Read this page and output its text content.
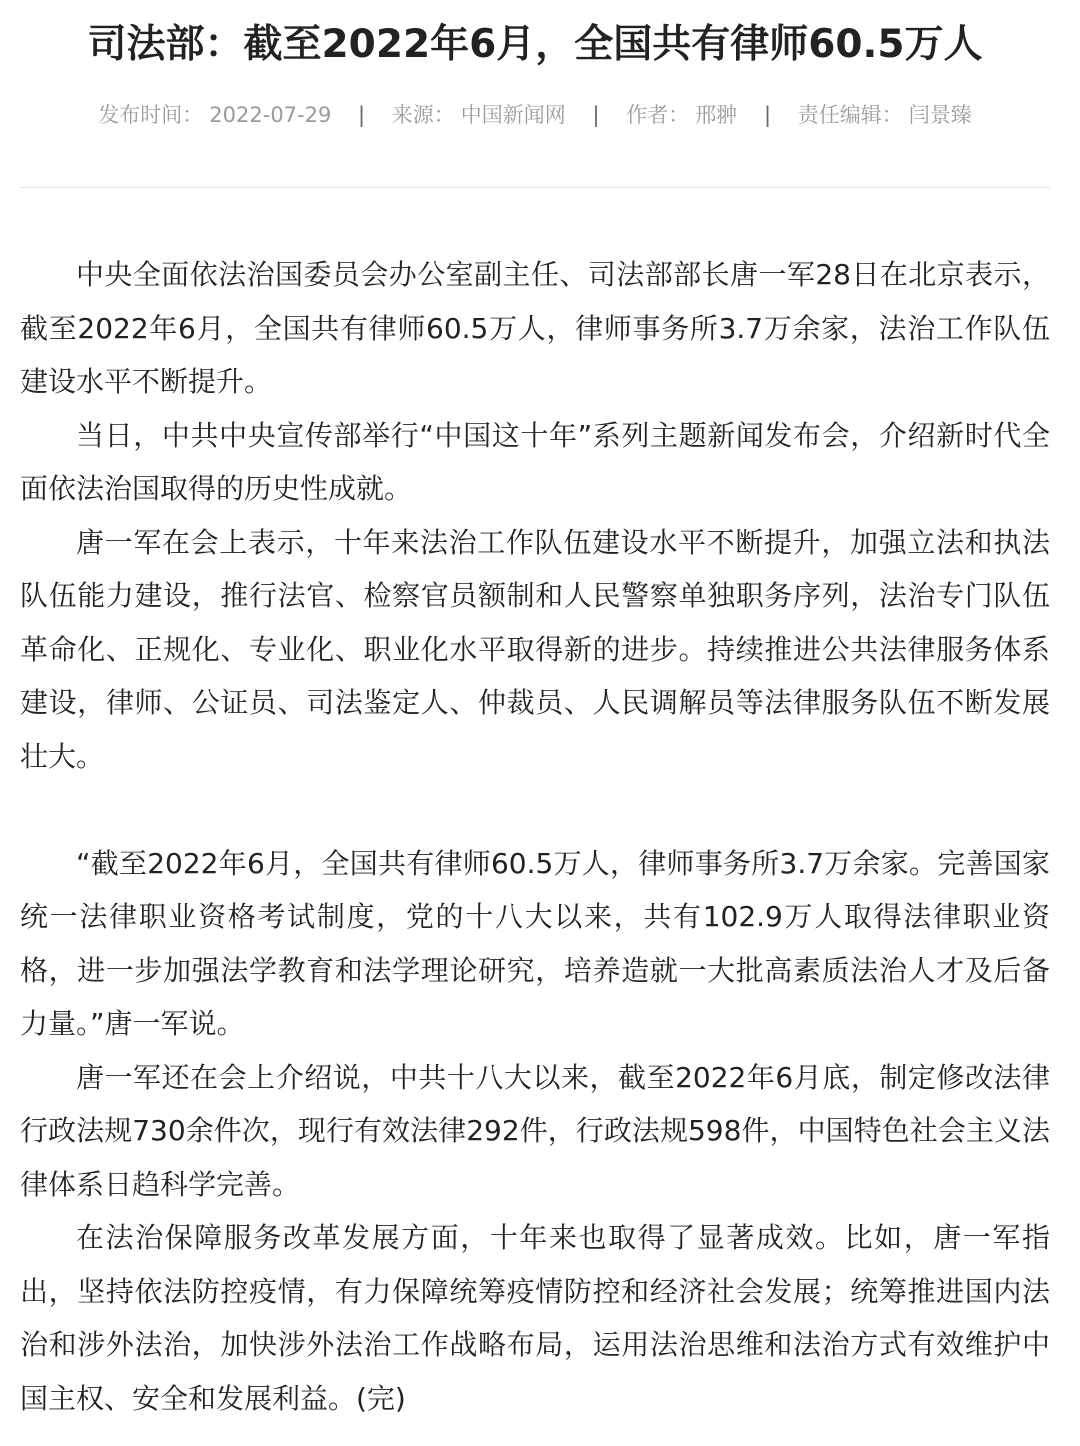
司法部：截至2022年6月，全国共有律师60.5万人
发布时间： 2022-07-29 | 来源： 中国新闻网 | 作者： 邢翀 | 责任编辑： 闫景臻

中央全面依法治国委员会办公室副主任、司法部部长唐一军28日在北京表示，截至2022年6月，全国共有律师60.5万人，律师事务所3.7万余家，法治工作队伍建设水平不断提升。

当日，中共中央宣传部举行“中国这十年”系列主题新闻发布会，介绍新时代全面依法治国取得的历史性成就。

唐一军在会上表示，十年来法治工作队伍建设水平不断提升，加强立法和执法队伍能力建设，推行法官、检察官员额制和人民警察单独职务序列，法治专门队伍革命化、正规化、专业化、职业化水平取得新的进步。持续推进公共法律服务体系建设，律师、公证员、司法鉴定人、仲裁员、人民调解员等法律服务队伍不断发展壮大。

“截至2022年6月，全国共有律师60.5万人，律师事务所3.7万余家。完善国家统一法律职业资格考试制度，党的十八大以来，共有102.9万人取得法律职业资格，进一步加强法学教育和法学理论研究，培养造就一大批高素质法治人才及后备力量。”唐一军说。

唐一军还在会上介绍说，中共十八大以来，截至2022年6月底，制定修改法律行政法规730余件次，现行有效法律292件，行政法规598件，中国特色社会主义法律体系日趋科学完善。

在法治保障服务改革发展方面，十年来也取得了显著成效。比如，唐一军指出，坚持依法防控疫情，有力保障统筹疫情防控和经济社会发展；统筹推进国内法治和涉外法治，加快涉外法治工作战略布局，运用法治思维和法治方式有效维护中国主权、安全和发展利益。(完)
